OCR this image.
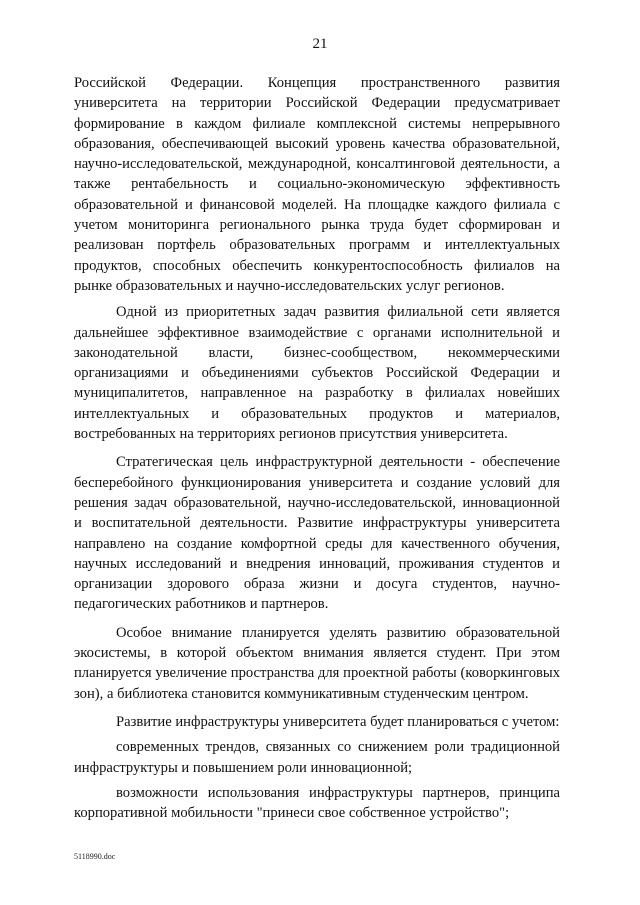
21

Российской Федерации. Концепция пространственного развития университета на территории Российской Федерации предусматривает формирование в каждом филиале комплексной системы непрерывного образования, обеспечивающей высокий уровень качества образовательной, научно-исследовательской, международной, консалтинговой деятельности, а также рентабельность и социально-экономическую эффективность образовательной и финансовой моделей. На площадке каждого филиала с учетом мониторинга регионального рынка труда будет сформирован и реализован портфель образовательных программ и интеллектуальных продуктов, способных обеспечить конкурентоспособность филиалов на рынке образовательных и научно-исследовательских услуг регионов.

Одной из приоритетных задач развития филиальной сети является дальнейшее эффективное взаимодействие с органами исполнительной и законодательной власти, бизнес-сообществом, некоммерческими организациями и объединениями субъектов Российской Федерации и муниципалитетов, направленное на разработку в филиалах новейших интеллектуальных и образовательных продуктов и материалов, востребованных на территориях регионов присутствия университета.

Стратегическая цель инфраструктурной деятельности - обеспечение бесперебойного функционирования университета и создание условий для решения задач образовательной, научно-исследовательской, инновационной и воспитательной деятельности. Развитие инфраструктуры университета направлено на создание комфортной среды для качественного обучения, научных исследований и внедрения инноваций, проживания студентов и организации здорового образа жизни и досуга студентов, научно-педагогических работников и партнеров.

Особое внимание планируется уделять развитию образовательной экосистемы, в которой объектом внимания является студент. При этом планируется увеличение пространства для проектной работы (коворкинговых зон), а библиотека становится коммуникативным студенческим центром.

Развитие инфраструктуры университета будет планироваться с учетом:

современных трендов, связанных со снижением роли традиционной инфраструктуры и повышением роли инновационной;

возможности использования инфраструктуры партнеров, принципа корпоративной мобильности "принеси свое собственное устройство";

5118990.doc
